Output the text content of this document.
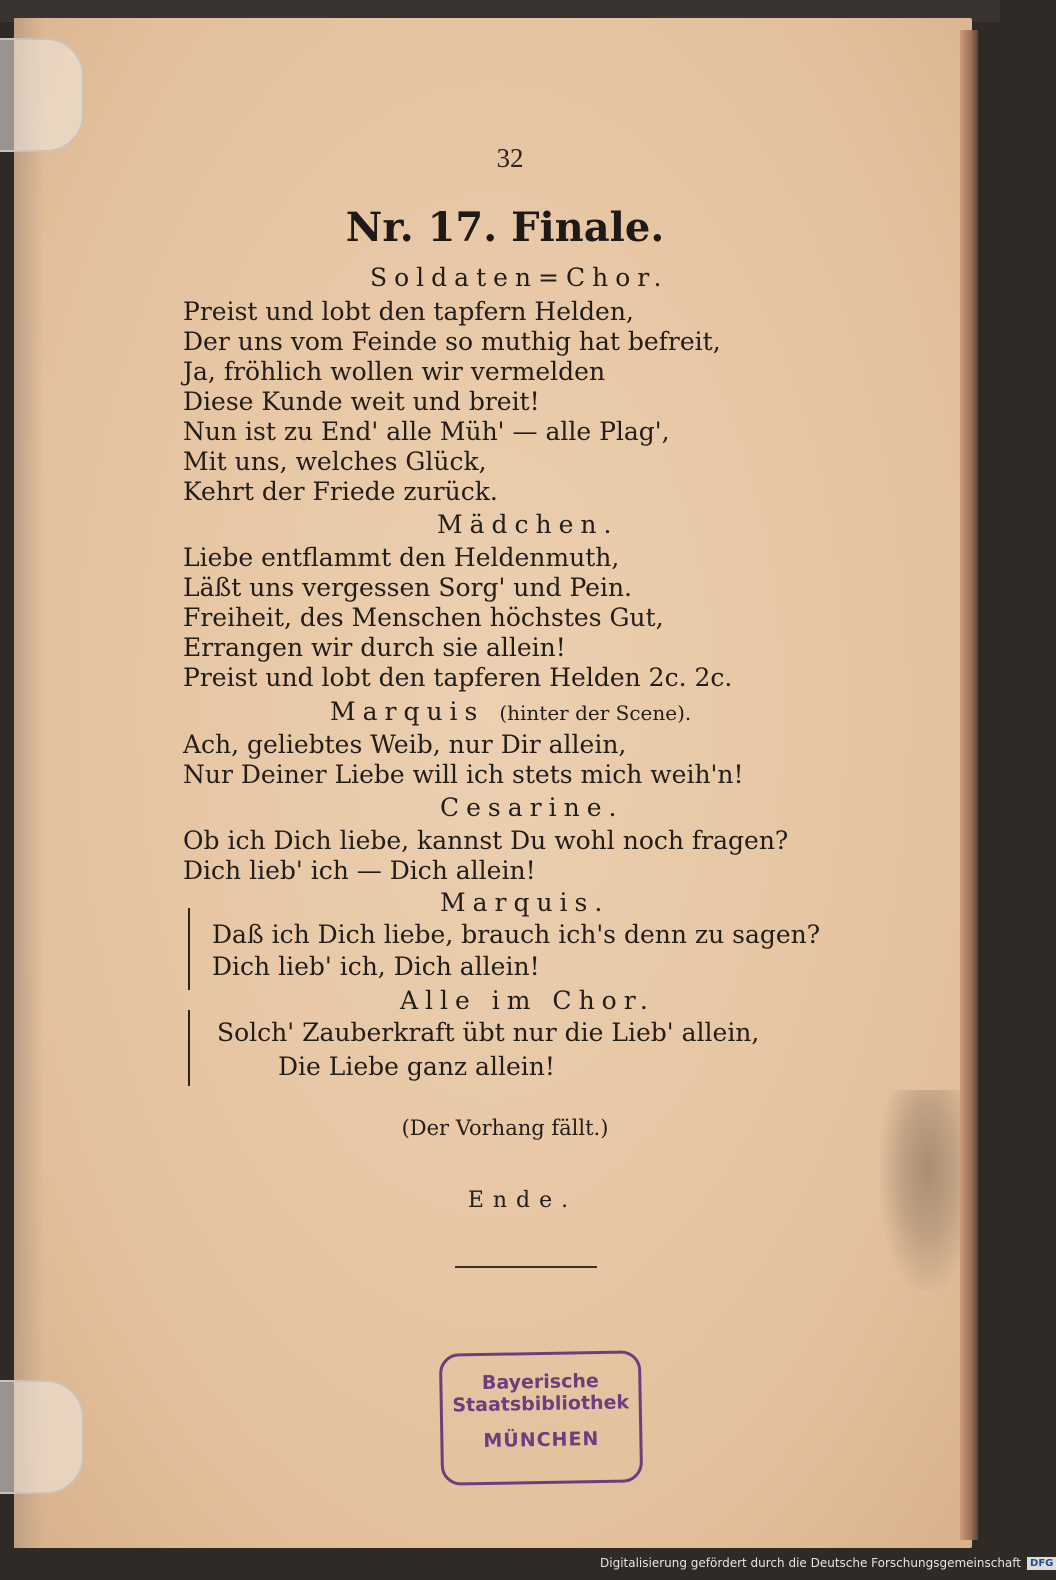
32
Nr. 17. Finale.
Soldaten=Chor.
Preist und lobt den tapfern Helden,
Der uns vom Feinde so muthig hat befreit,
Ja, fröhlich wollen wir vermelden
Diese Kunde weit und breit!
Nun ist zu End' alle Müh' — alle Plag',
Mit uns, welches Glück,
Kehrt der Friede zurück.
Mädchen.
Liebe entflammt den Heldenmuth,
Läßt uns vergessen Sorg' und Pein.
Freiheit, des Menschen höchstes Gut,
Errangen wir durch sie allein!
Preist und lobt den tapferen Helden 2c. 2c.
Marquis (hinter der Scene).
Ach, geliebtes Weib, nur Dir allein,
Nur Deiner Liebe will ich stets mich weih'n!
Cesarine.
Ob ich Dich liebe, kannst Du wohl noch fragen?
Dich lieb' ich — Dich allein!
Marquis.
Daß ich Dich liebe, brauch ich's denn zu sagen?
Dich lieb' ich, Dich allein!
Alle im Chor.
Solch' Zauberkraft übt nur die Lieb' allein,
Die Liebe ganz allein!
(Der Vorhang fällt.)
Ende.
Bayerische
Staatsbibliothek
MÜNCHEN
Digitalisierung gefördert durch die Deutsche Forschungsgemeinschaft DFG
